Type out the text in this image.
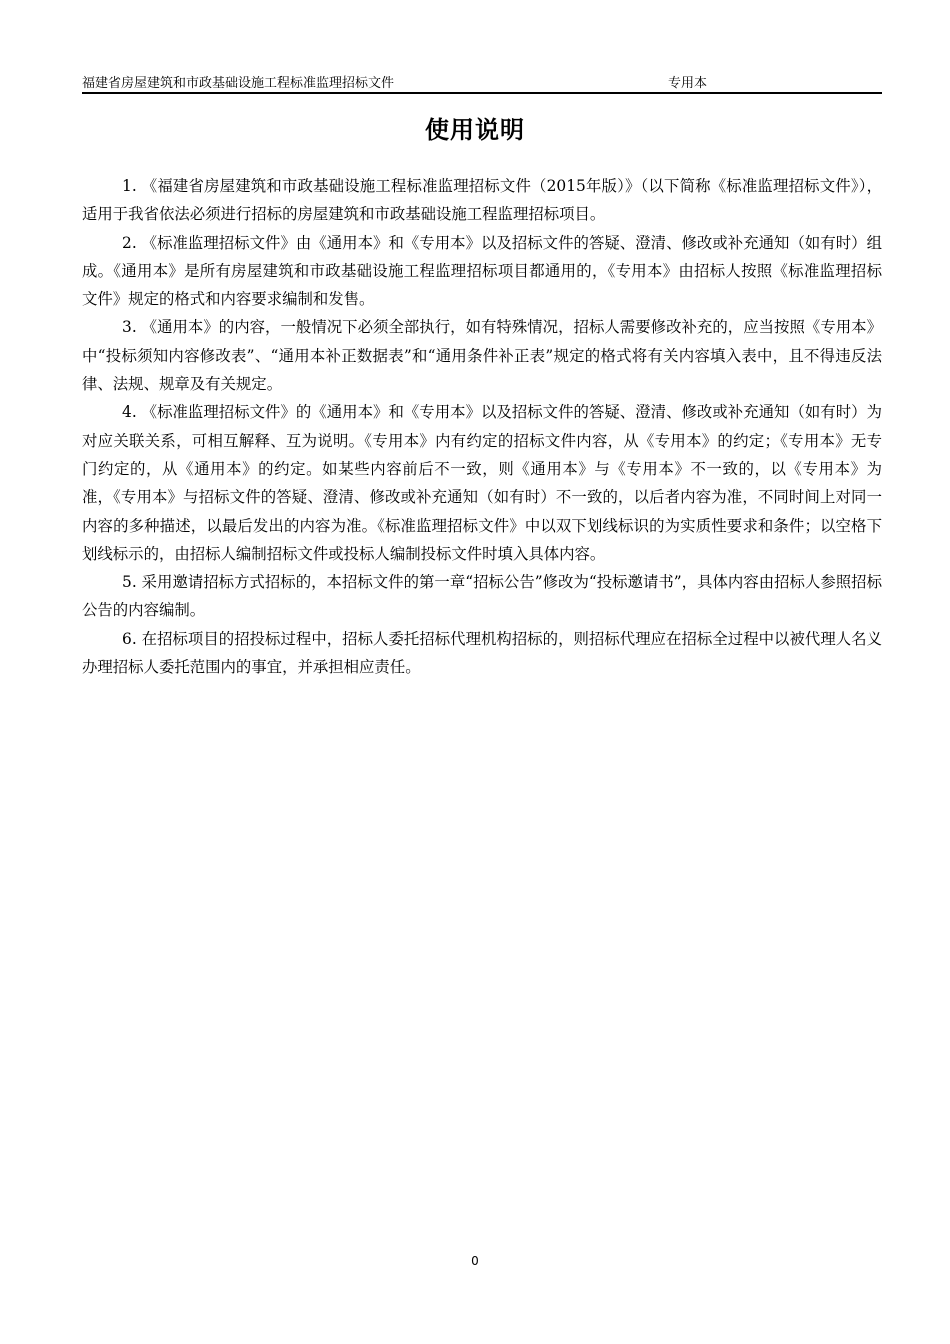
福建省房屋建筑和市政基础设施工程标准监理招标文件	专用本
使用说明

1. 《福建省房屋建筑和市政基础设施工程标准监理招标文件（2015年版）》（以下简称《标准监理招标文件》），适用于我省依法必须进行招标的房屋建筑和市政基础设施工程监理招标项目。

2. 《标准监理招标文件》由《通用本》和《专用本》以及招标文件的答疑、澄清、修改或补充通知（如有时）组成。《通用本》是所有房屋建筑和市政基础设施工程监理招标项目都通用的，《专用本》由招标人按照《标准监理招标文件》规定的格式和内容要求编制和发售。

3. 《通用本》的内容，一般情况下必须全部执行，如有特殊情况，招标人需要修改补充的，应当按照《专用本》中“投标须知内容修改表”、“通用本补正数据表”和“通用条件补正表”规定的格式将有关内容填入表中，且不得违反法律、法规、规章及有关规定。

4. 《标准监理招标文件》的《通用本》和《专用本》以及招标文件的答疑、澄清、修改或补充通知（如有时）为对应关联关系，可相互解释、互为说明。《专用本》内有约定的招标文件内容，从《专用本》的约定；《专用本》无专门约定的，从《通用本》的约定。如某些内容前后不一致，则《通用本》与《专用本》不一致的，以《专用本》为准，《专用本》与招标文件的答疑、澄清、修改或补充通知（如有时）不一致的，以后者内容为准，不同时间上对同一内容的多种描述，以最后发出的内容为准。《标准监理招标文件》中以双下划线标识的为实质性要求和条件；以空格下划线标示的，由招标人编制招标文件或投标人编制投标文件时填入具体内容。

5. 采用邀请招标方式招标的，本招标文件的第一章“招标公告”修改为“投标邀请书”，具体内容由招标人参照招标公告的内容编制。

6. 在招标项目的招投标过程中，招标人委托招标代理机构招标的，则招标代理应在招标全过程中以被代理人名义办理招标人委托范围内的事宜，并承担相应责任。

0
